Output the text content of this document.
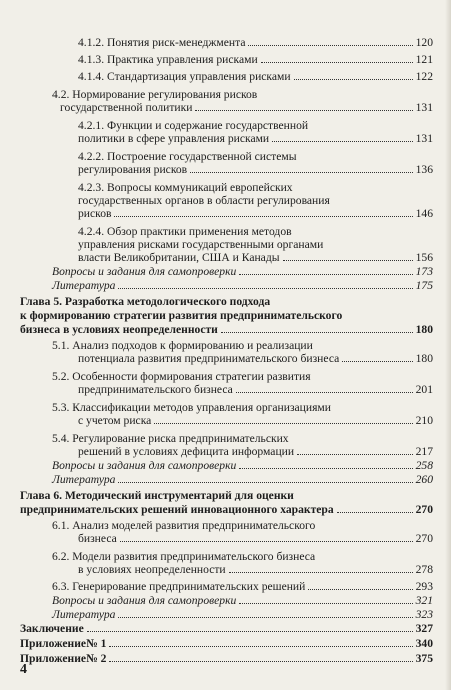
4.1.2. Понятия риск-менеджмента	120
4.1.3. Практика управления рисками	121
4.1.4. Стандартизация управления рисками	122
4.2. Нормирование регулирования рисков
государственной политики	131
4.2.1. Функции и содержание государственной
политики в сфере управления рисками	131
4.2.2. Построение государственной системы
регулирования рисков	136
4.2.3. Вопросы коммуникаций европейских
государственных органов в области регулирования
рисков	146
4.2.4. Обзор практики применения методов
управления рисками государственными органами
власти Великобритании, США и Канады	156
Вопросы и задания для самопроверки	173
Литература	175
Глава 5. Разработка методологического подхода
к формированию стратегии развития предпринимательского
бизнеса в условиях неопределенности	180
5.1. Анализ подходов к формированию и реализации
потенциала развития предпринимательского бизнеса	180
5.2. Особенности формирования стратегии развития
предпринимательского бизнеса	201
5.3. Классификации методов управления организациями
с учетом риска	210
5.4. Регулирование риска предпринимательских
решений в условиях дефицита информации	217
Вопросы и задания для самопроверки	258
Литература	260
Глава 6. Методический инструментарий для оценки
предпринимательских решений инновационного характера	270
6.1. Анализ моделей развития предпринимательского
бизнеса	270
6.2. Модели развития предпринимательского бизнеса
в условиях неопределенности	278
6.3. Генерирование предпринимательских решений	293
Вопросы и задания для самопроверки	321
Литература	323
Заключение	327
Приложение№ 1	340
Приложение№ 2	375
4
